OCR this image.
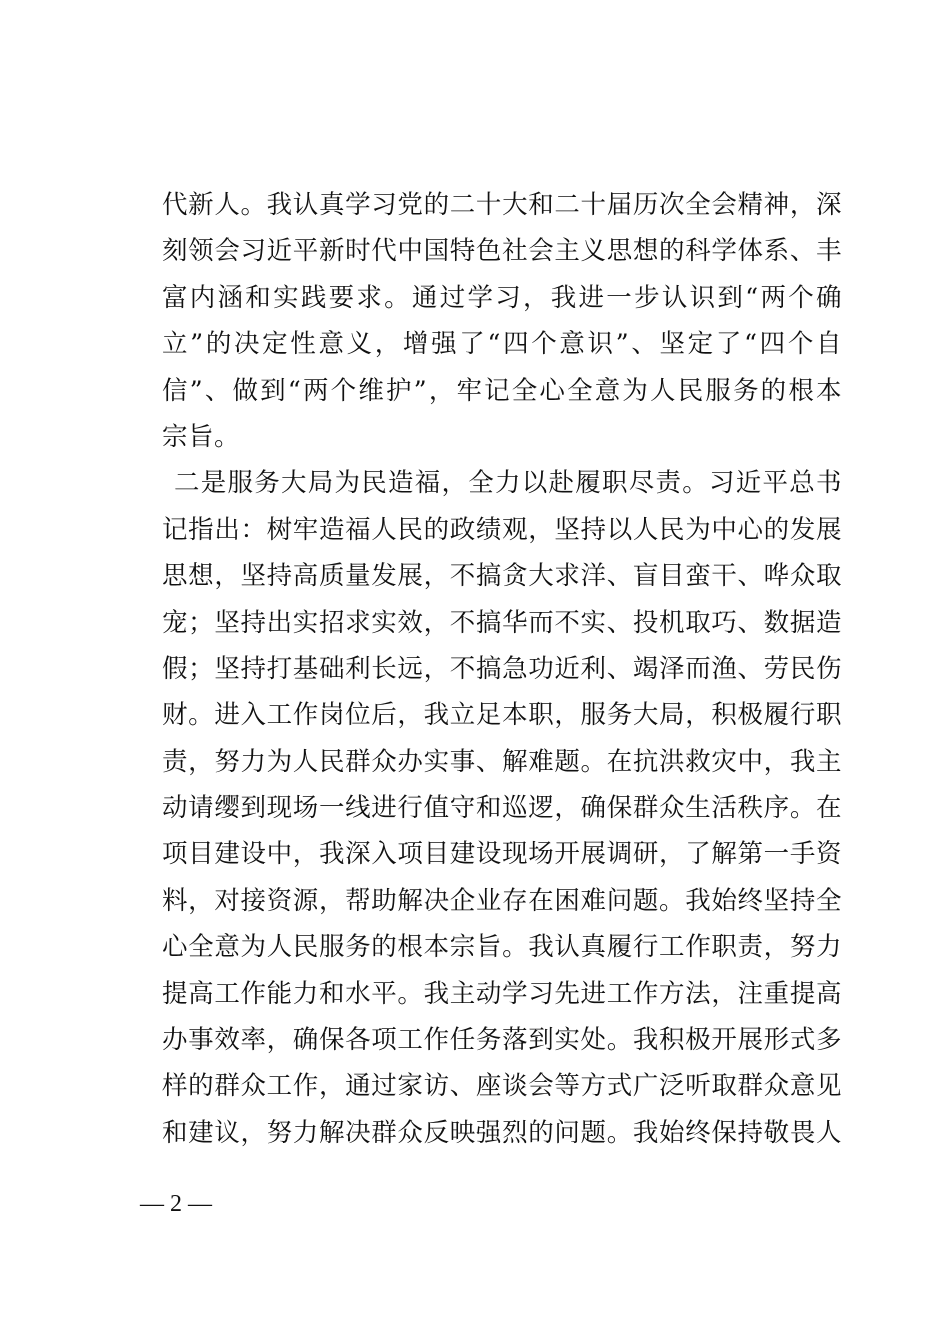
代新人。我认真学习党的二十大和二十届历次全会精神，深
刻领会习近平新时代中国特色社会主义思想的科学体系、丰
富内涵和实践要求。通过学习，我进一步认识到“两个确
立”的决定性意义，增强了“四个意识”、坚定了“四个自
信”、做到“两个维护”，牢记全心全意为人民服务的根本
宗旨。
二是服务大局为民造福，全力以赴履职尽责。习近平总书
记指出：树牢造福人民的政绩观，坚持以人民为中心的发展
思想，坚持高质量发展，不搞贪大求洋、盲目蛮干、哗众取
宠；坚持出实招求实效，不搞华而不实、投机取巧、数据造
假；坚持打基础利长远，不搞急功近利、竭泽而渔、劳民伤
财。进入工作岗位后，我立足本职，服务大局，积极履行职
责，努力为人民群众办实事、解难题。在抗洪救灾中，我主
动请缨到现场一线进行值守和巡逻，确保群众生活秩序。在
项目建设中，我深入项目建设现场开展调研，了解第一手资
料，对接资源，帮助解决企业存在困难问题。我始终坚持全
心全意为人民服务的根本宗旨。我认真履行工作职责，努力
提高工作能力和水平。我主动学习先进工作方法，注重提高
办事效率，确保各项工作任务落到实处。我积极开展形式多
样的群众工作，通过家访、座谈会等方式广泛听取群众意见
和建议，努力解决群众反映强烈的问题。我始终保持敬畏人
— 2 —
